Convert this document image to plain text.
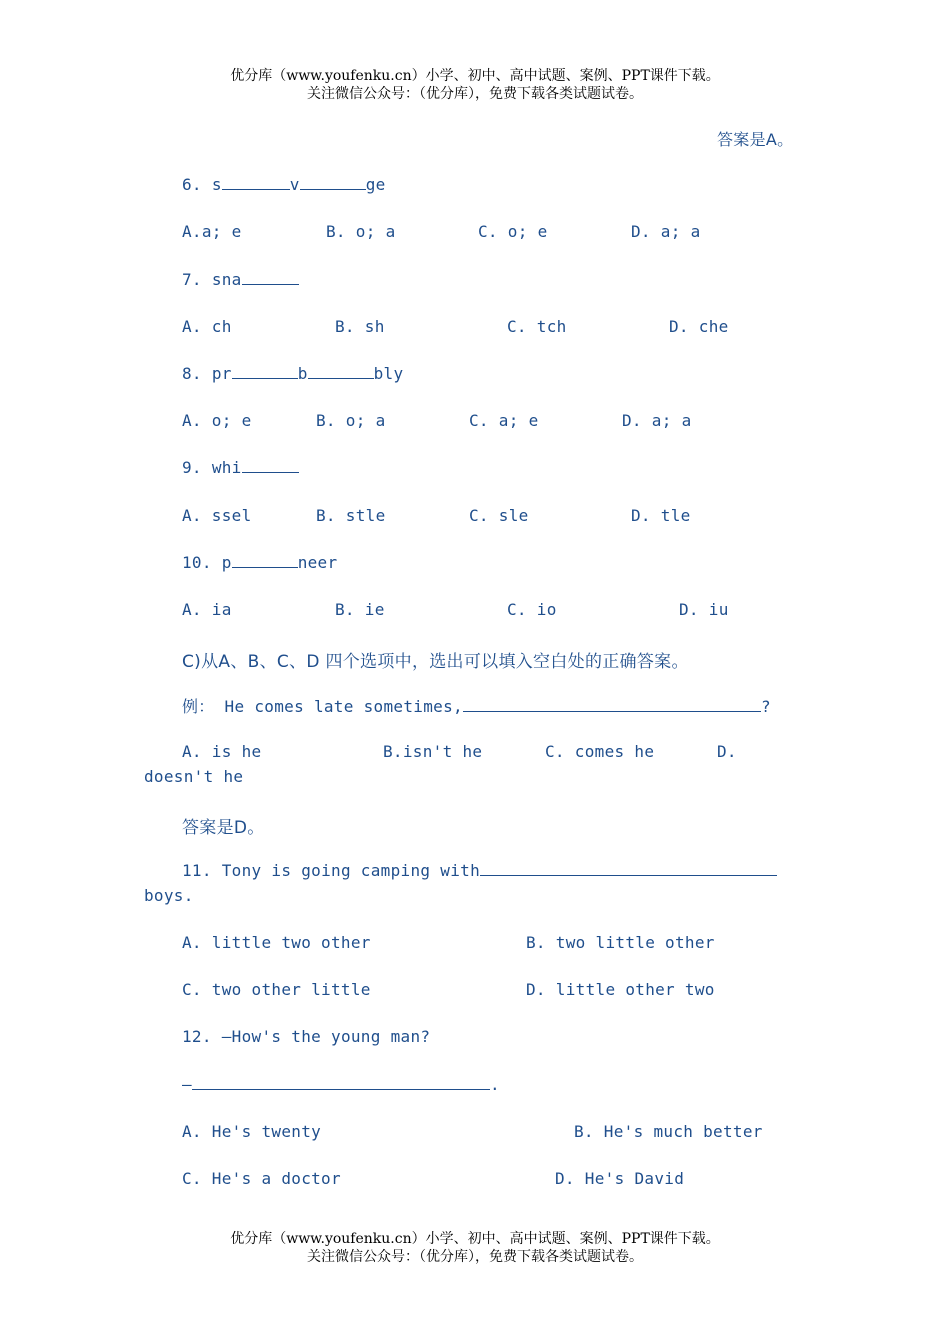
优分库（www.youfenku.cn）小学、初中、高中试题、案例、PPT课件下载。
关注微信公众号：（优分库），免费下载各类试题试卷。
答案是A。
6. s	v	ge
A.a; e	B. o; a	C. o; e	D. a; a
7. sna
A. ch	B. sh	C. tch	D. che
8. pr	b	bly
A. o; e	B. o; a	C. a; e	D. a; a
9. whi
A. ssel	B. stle	C. sle	D. tle
10. p	neer
A. ia	B. ie	C. io	D. iu
C)从A、B、C、D 四个选项中，选出可以填入空白处的正确答案。
例： He comes late sometimes,	?
A. is he	B.isn't he	C. comes he	D.
doesn't he
答案是D。
11. Tony is going camping with
boys.
A. little two other	B. two little other
C. two other little	D. little other two
12. —How's the young man?
—	.
A. He's twenty	B. He's much better
C. He's a doctor	D. He's David
优分库（www.youfenku.cn）小学、初中、高中试题、案例、PPT课件下载。
关注微信公众号：（优分库），免费下载各类试题试卷。
